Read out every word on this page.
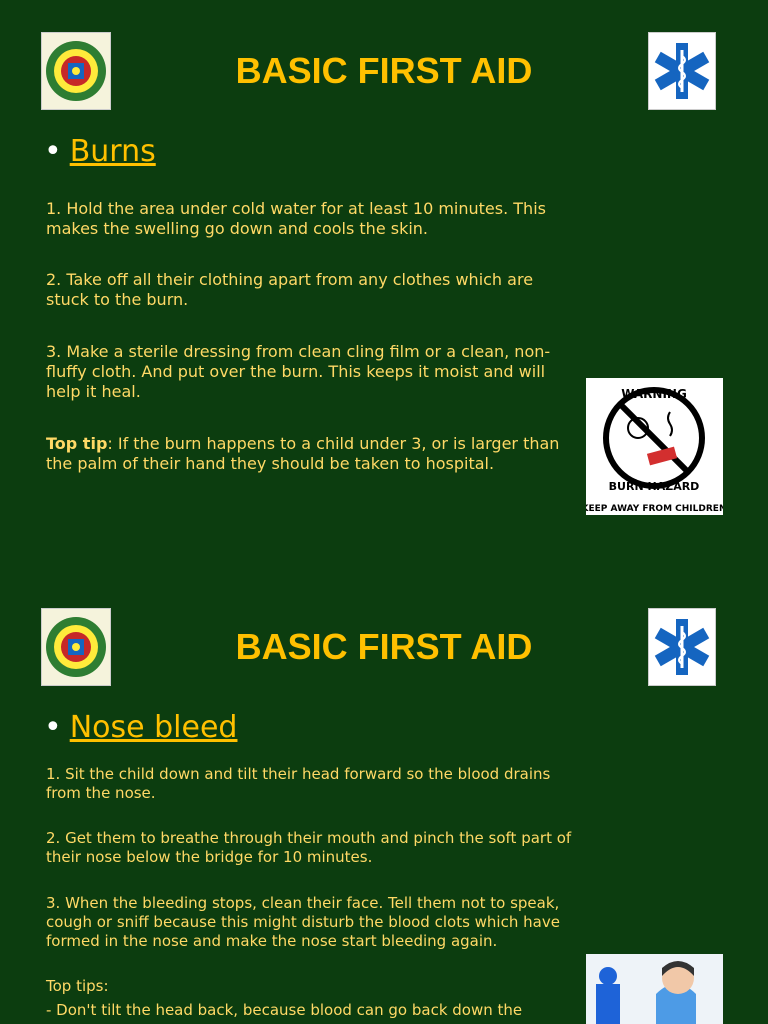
BASIC FIRST AID
• Burns
1. Hold the area under cold water for at least 10 minutes. This makes the swelling go down and cools the skin.
2. Take off all their clothing apart from any clothes which are stuck to the burn.
3. Make a sterile dressing from clean cling film or a clean, non-fluffy cloth. And put over the burn. This keeps it moist and will help it heal.
Top tip: If the burn happens to a child under 3, or is larger than the palm of their hand they should be taken to hospital.
WARNING
BURN HAZARD
KEEP AWAY FROM CHILDREN
BASIC FIRST AID
• Nose bleed
1. Sit the child down and tilt their head forward so the blood drains from the nose.
2. Get them to breathe through their mouth and pinch the soft part of their nose below the bridge for 10 minutes.
3. When the bleeding stops, clean their face. Tell them not to speak, cough or sniff because this might disturb the blood clots which have formed in the nose and make the nose start bleeding again.
Top tips:
- Don't tilt the head back, because blood can go back down the
